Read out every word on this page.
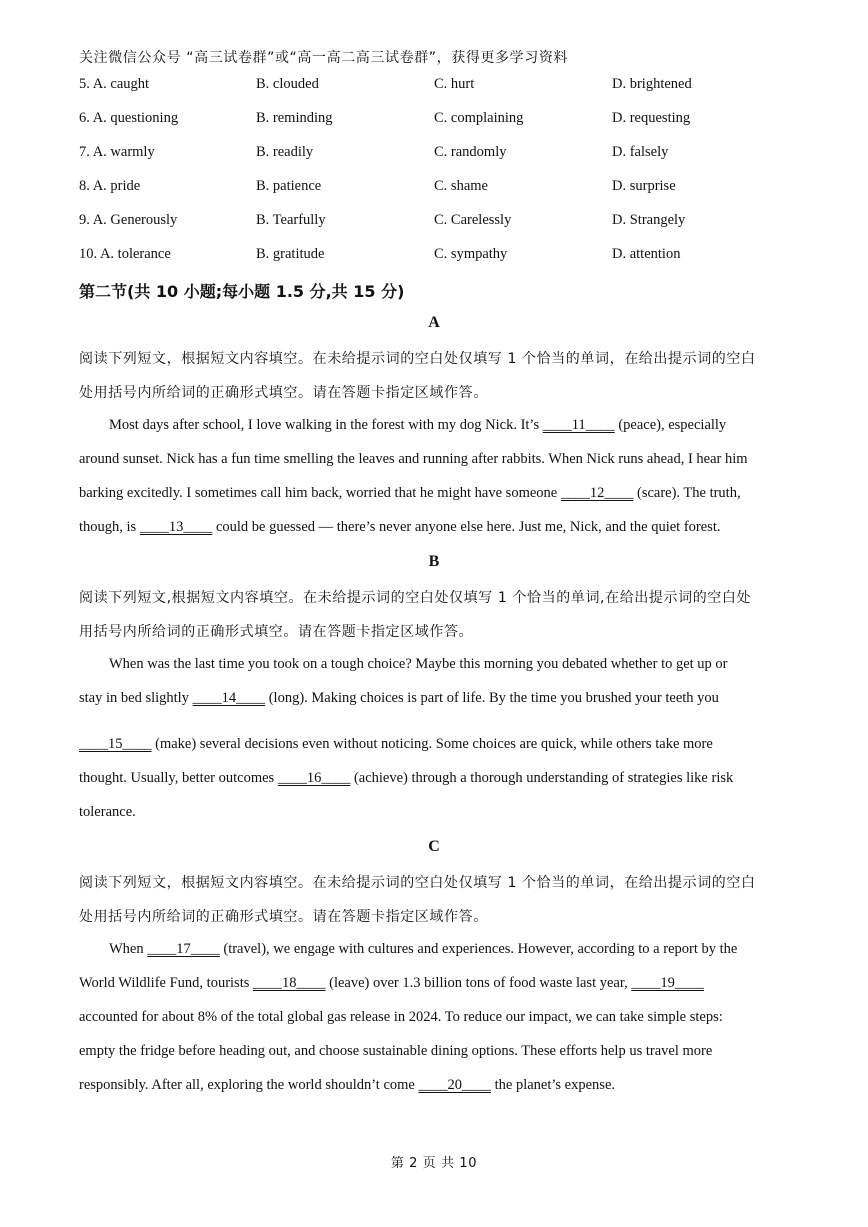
关注微信公众号 “高三试卷群”或“高一高二高三试卷群”，获得更多学习资料
5. A. caught	B. clouded	C. hurt	D. brightened
6. A. questioning	B. reminding	C. complaining	D. requesting
7. A. warmly	B. readily	C. randomly	D. falsely
8. A. pride	B. patience	C. shame	D. surprise
9. A. Generously	B. Tearfully	C. Carelessly	D. Strangely
10. A. tolerance	B. gratitude	C. sympathy	D. attention
第二节(共 10 小题;每小题 1.5 分,共 15 分)
A
阅读下列短文，根据短文内容填空。在未给提示词的空白处仅填写 1 个恰当的单词，在给出提示词的空白
处用括号内所给词的正确形式填空。请在答题卡指定区域作答。
Most days after school, I love walking in the forest with my dog Nick. It’s ____11____ (peace), especially
around sunset. Nick has a fun time smelling the leaves and running after rabbits. When Nick runs ahead, I hear him
barking excitedly. I sometimes call him back, worried that he might have someone ____12____ (scare). The truth,
though, is ____13____ could be guessed — there’s never anyone else here. Just me, Nick, and the quiet forest.
B
阅读下列短文,根据短文内容填空。在未给提示词的空白处仅填写 1 个恰当的单词,在给出提示词的空白处
用括号内所给词的正确形式填空。请在答题卡指定区域作答。
When was the last time you took on a tough choice? Maybe this morning you debated whether to get up or
stay in bed slightly ____14____ (long). Making choices is part of life. By the time you brushed your teeth you
____15____ (make) several decisions even without noticing. Some choices are quick, while others take more
thought. Usually, better outcomes ____16____ (achieve) through a thorough understanding of strategies like risk
tolerance.
C
阅读下列短文，根据短文内容填空。在未给提示词的空白处仅填写 1 个恰当的单词，在给出提示词的空白
处用括号内所给词的正确形式填空。请在答题卡指定区域作答。
When ____17____ (travel), we engage with cultures and experiences. However, according to a report by the
World Wildlife Fund, tourists ____18____ (leave) over 1.3 billion tons of food waste last year, ____19____
accounted for about 8% of the total global gas release in 2024. To reduce our impact, we can take simple steps:
empty the fridge before heading out, and choose sustainable dining options. These efforts help us travel more
responsibly. After all, exploring the world shouldn’t come ____20____ the planet’s expense.
第 2 页 共 10
